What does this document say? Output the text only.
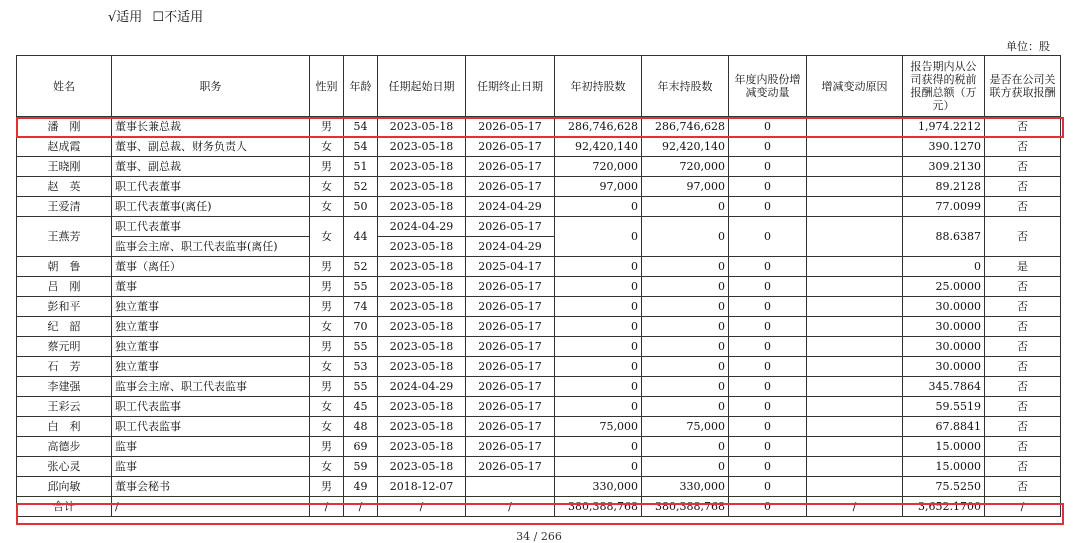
√适用 ☐不适用
单位：股
姓名	职务	性别	年龄	任期起始日期	任期终止日期	年初持股数	年末持股数	年度内股份增减变动量	增减变动原因	报告期内从公司获得的税前报酬总额（万元）	是否在公司关联方获取报酬
潘　刚	董事长兼总裁	男	54	2023-05-18	2026-05-17	286,746,628	286,746,628	0		1,974.2212	否
赵成霞	董事、副总裁、财务负责人	女	54	2023-05-18	2026-05-17	92,420,140	92,420,140	0		390.1270	否
王晓刚	董事、副总裁	男	51	2023-05-18	2026-05-17	720,000	720,000	0		309.2130	否
赵　英	职工代表董事	女	52	2023-05-18	2026-05-17	97,000	97,000	0		89.2128	否
王爱清	职工代表董事(离任)	女	50	2023-05-18	2024-04-29	0	0	0		77.0099	否
王燕芳	职工代表董事	女	44	2024-04-29	2026-05-17	0	0	0		88.6387	否
	监事会主席、职工代表监事(离任)			2023-05-18	2024-04-29						
朝　鲁	董事（离任）	男	52	2023-05-18	2025-04-17	0	0	0		0	是
吕　刚	董事	男	55	2023-05-18	2026-05-17	0	0	0		25.0000	否
彭和平	独立董事	男	74	2023-05-18	2026-05-17	0	0	0		30.0000	否
纪　韶	独立董事	女	70	2023-05-18	2026-05-17	0	0	0		30.0000	否
蔡元明	独立董事	男	55	2023-05-18	2026-05-17	0	0	0		30.0000	否
石　芳	独立董事	女	53	2023-05-18	2026-05-17	0	0	0		30.0000	否
李建强	监事会主席、职工代表监事	男	55	2024-04-29	2026-05-17	0	0	0		345.7864	否
王彩云	职工代表监事	女	45	2023-05-18	2026-05-17	0	0	0		59.5519	否
白　利	职工代表监事	女	48	2023-05-18	2026-05-17	75,000	75,000	0		67.8841	否
高德步	监事	男	69	2023-05-18	2026-05-17	0	0	0		15.0000	否
张心灵	监事	女	59	2023-05-18	2026-05-17	0	0	0		15.0000	否
邱向敏	董事会秘书	男	49	2018-12-07		330,000	330,000	0		75.5250	否
合计	/	/	/	/	/	380,388,768	380,388,768	0	/	3,652.1700	/
34 / 266
